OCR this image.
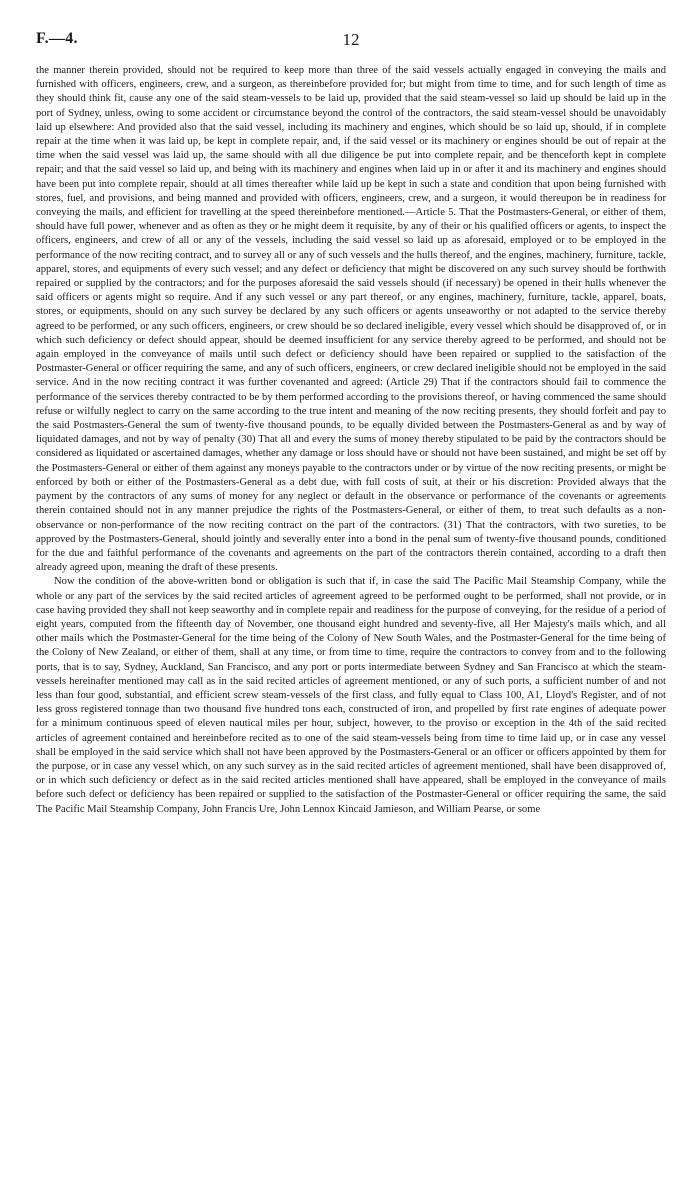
F.—4.	12

the manner therein provided, should not be required to keep more than three of the said vessels actually engaged in conveying the mails and furnished with officers, engineers, crew, and a surgeon, as thereinbefore provided for; but might from time to time, and for such length of time as they should think fit, cause any one of the said steam-vessels to be laid up, provided that the said steam-vessel so laid up should be laid up in the port of Sydney, unless, owing to some accident or circumstance beyond the control of the contractors, the said steam-vessel should be unavoidably laid up elsewhere: And provided also that the said vessel, including its machinery and engines, which should be so laid up, should, if in complete repair at the time when it was laid up, be kept in complete repair, and, if the said vessel or its machinery or engines should be out of repair at the time when the said vessel was laid up, the same should with all due diligence be put into complete repair, and be thenceforth kept in complete repair; and that the said vessel so laid up, and being with its machinery and engines when laid up in or after it and its machinery and engines should have been put into complete repair, should at all times thereafter while laid up be kept in such a state and condition that upon being furnished with stores, fuel, and provisions, and being manned and provided with officers, engineers, crew, and a surgeon, it would thereupon be in readiness for conveying the mails, and efficient for travelling at the speed thereinbefore mentioned.—Article 5. That the Postmasters-General, or either of them, should have full power, whenever and as often as they or he might deem it requisite, by any of their or his qualified officers or agents, to inspect the officers, engineers, and crew of all or any of the vessels, including the said vessel so laid up as aforesaid, employed or to be employed in the performance of the now reciting contract, and to survey all or any of such vessels and the hulls thereof, and the engines, machinery, furniture, tackle, apparel, stores, and equipments of every such vessel; and any defect or deficiency that might be discovered on any such survey should be forthwith repaired or supplied by the contractors; and for the purposes aforesaid the said vessels should (if necessary) be opened in their hulls whenever the said officers or agents might so require. And if any such vessel or any part thereof, or any engines, machinery, furniture, tackle, apparel, boats, stores, or equipments, should on any such survey be declared by any such officers or agents unseaworthy or not adapted to the service thereby agreed to be performed, or any such officers, engineers, or crew should be so declared ineligible, every vessel which should be disapproved of, or in which such deficiency or defect should appear, should be deemed insufficient for any service thereby agreed to be performed, and should not be again employed in the conveyance of mails until such defect or deficiency should have been repaired or supplied to the satisfaction of the Postmaster-General or officer requiring the same, and any of such officers, engineers, or crew declared ineligible should not be employed in the said service. And in the now reciting contract it was further covenanted and agreed: (Article 29) That if the contractors should fail to commence the performance of the services thereby contracted to be by them performed according to the provisions thereof, or having commenced the same should refuse or wilfully neglect to carry on the same according to the true intent and meaning of the now reciting presents, they should forfeit and pay to the said Postmasters-General the sum of twenty-five thousand pounds, to be equally divided between the Postmasters-General as and by way of liquidated damages, and not by way of penalty (30) That all and every the sums of money thereby stipulated to be paid by the contractors should be considered as liquidated or ascertained damages, whether any damage or loss should have or should not have been sustained, and might be set off by the Postmasters-General or either of them against any moneys payable to the contractors under or by virtue of the now reciting presents, or might be enforced by both or either of the Postmasters-General as a debt due, with full costs of suit, at their or his discretion: Provided always that the payment by the contractors of any sums of money for any neglect or default in the observance or performance of the covenants or agreements therein contained should not in any manner prejudice the rights of the Postmasters-General, or either of them, to treat such defaults as a non-observance or non-performance of the now reciting contract on the part of the contractors. (31) That the contractors, with two sureties, to be approved by the Postmasters-General, should jointly and severally enter into a bond in the penal sum of twenty-five thousand pounds, conditioned for the due and faithful performance of the covenants and agreements on the part of the contractors therein contained, according to a draft then already agreed upon, meaning the draft of these presents.

Now the condition of the above-written bond or obligation is such that if, in case the said The Pacific Mail Steamship Company, while the whole or any part of the services by the said recited articles of agreement agreed to be performed ought to be performed, shall not provide, or in case having provided they shall not keep seaworthy and in complete repair and readiness for the purpose of conveying, for the residue of a period of eight years, computed from the fifteenth day of November, one thousand eight hundred and seventy-five, all Her Majesty's mails which, and all other mails which the Postmaster-General for the time being of the Colony of New South Wales, and the Postmaster-General for the time being of the Colony of New Zealand, or either of them, shall at any time, or from time to time, require the contractors to convey from and to the following ports, that is to say, Sydney, Auckland, San Francisco, and any port or ports intermediate between Sydney and San Francisco at which the steam-vessels hereinafter mentioned may call as in the said recited articles of agreement mentioned, or any of such ports, a sufficient number of and not less than four good, substantial, and efficient screw steam-vessels of the first class, and fully equal to Class 100, A1, Lloyd's Register, and of not less gross registered tonnage than two thousand five hundred tons each, constructed of iron, and propelled by first rate engines of adequate power for a minimum continuous speed of eleven nautical miles per hour, subject, however, to the proviso or exception in the 4th of the said recited articles of agreement contained and hereinbefore recited as to one of the said steam-vessels being from time to time laid up, or in case any vessel shall be employed in the said service which shall not have been approved by the Postmasters-General or an officer or officers appointed by them for the purpose, or in case any vessel which, on any such survey as in the said recited articles of agreement mentioned, shall have been disapproved of, or in which such deficiency or defect as in the said recited articles mentioned shall have appeared, shall be employed in the conveyance of mails before such defect or deficiency has been repaired or supplied to the satisfaction of the Postmaster-General or officer requiring the same, the said The Pacific Mail Steamship Company, John Francis Ure, John Lennox Kincaid Jamieson, and William Pearse, or some
